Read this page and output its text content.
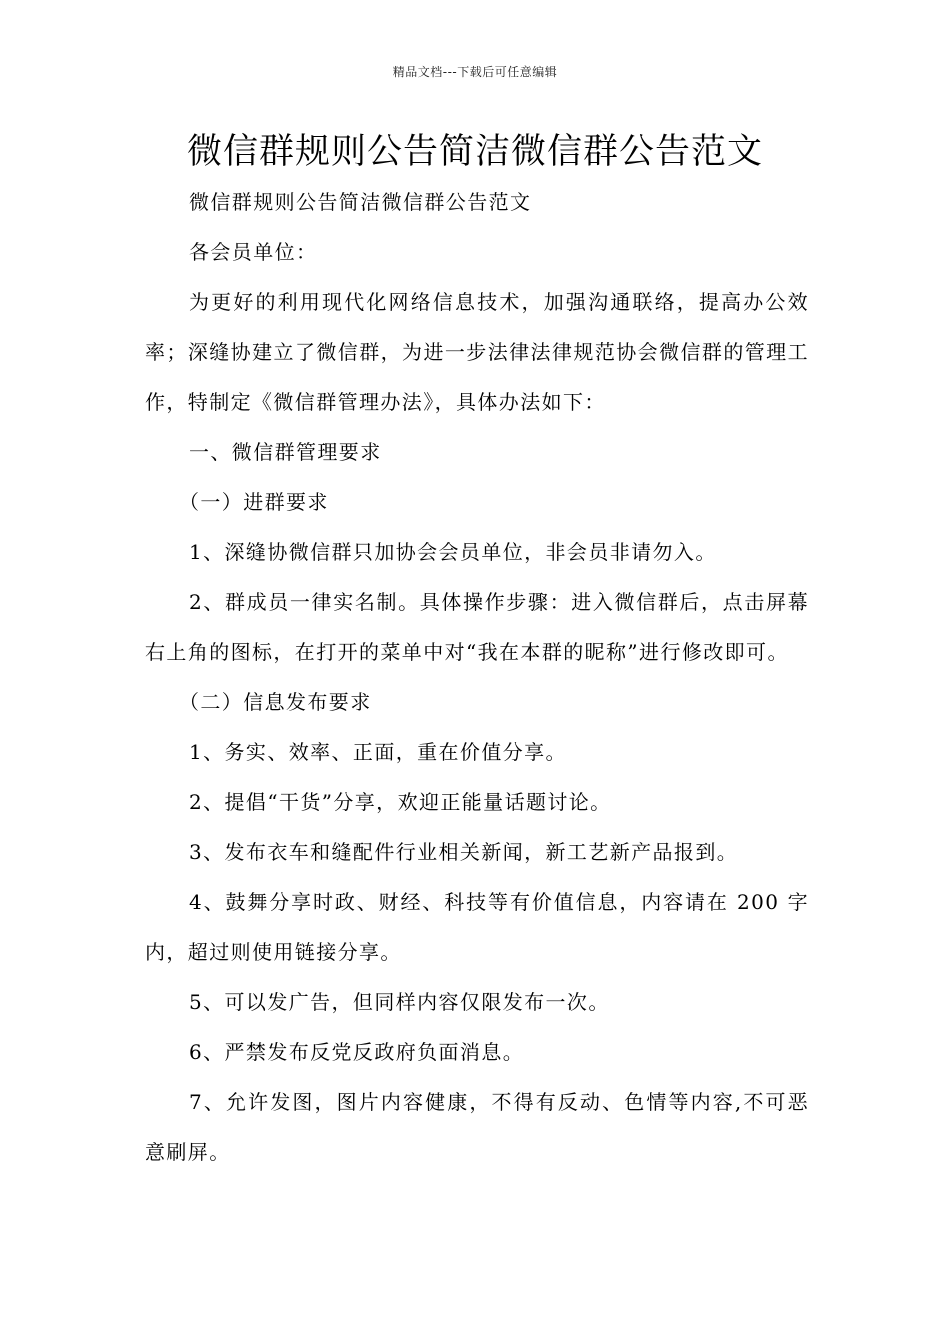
精品文档---下载后可任意编辑
微信群规则公告简洁微信群公告范文

微信群规则公告简洁微信群公告范文

各会员单位：

为更好的利用现代化网络信息技术，加强沟通联络，提高办公效率；深缝协建立了微信群，为进一步法律法律规范协会微信群的管理工作，特制定《微信群管理办法》，具体办法如下：

一、微信群管理要求

（一）进群要求

1、深缝协微信群只加协会会员单位，非会员非请勿入。

2、群成员一律实名制。具体操作步骤：进入微信群后，点击屏幕右上角的图标，在打开的菜单中对“我在本群的昵称”进行修改即可。

（二）信息发布要求

1、务实、效率、正面，重在价值分享。

2、提倡“干货”分享，欢迎正能量话题讨论。

3、发布衣车和缝配件行业相关新闻，新工艺新产品报到。

4、鼓舞分享时政、财经、科技等有价值信息，内容请在 200 字内，超过则使用链接分享。

5、可以发广告，但同样内容仅限发布一次。

6、严禁发布反党反政府负面消息。

7、允许发图，图片内容健康，不得有反动、色情等内容,不可恶意刷屏。
